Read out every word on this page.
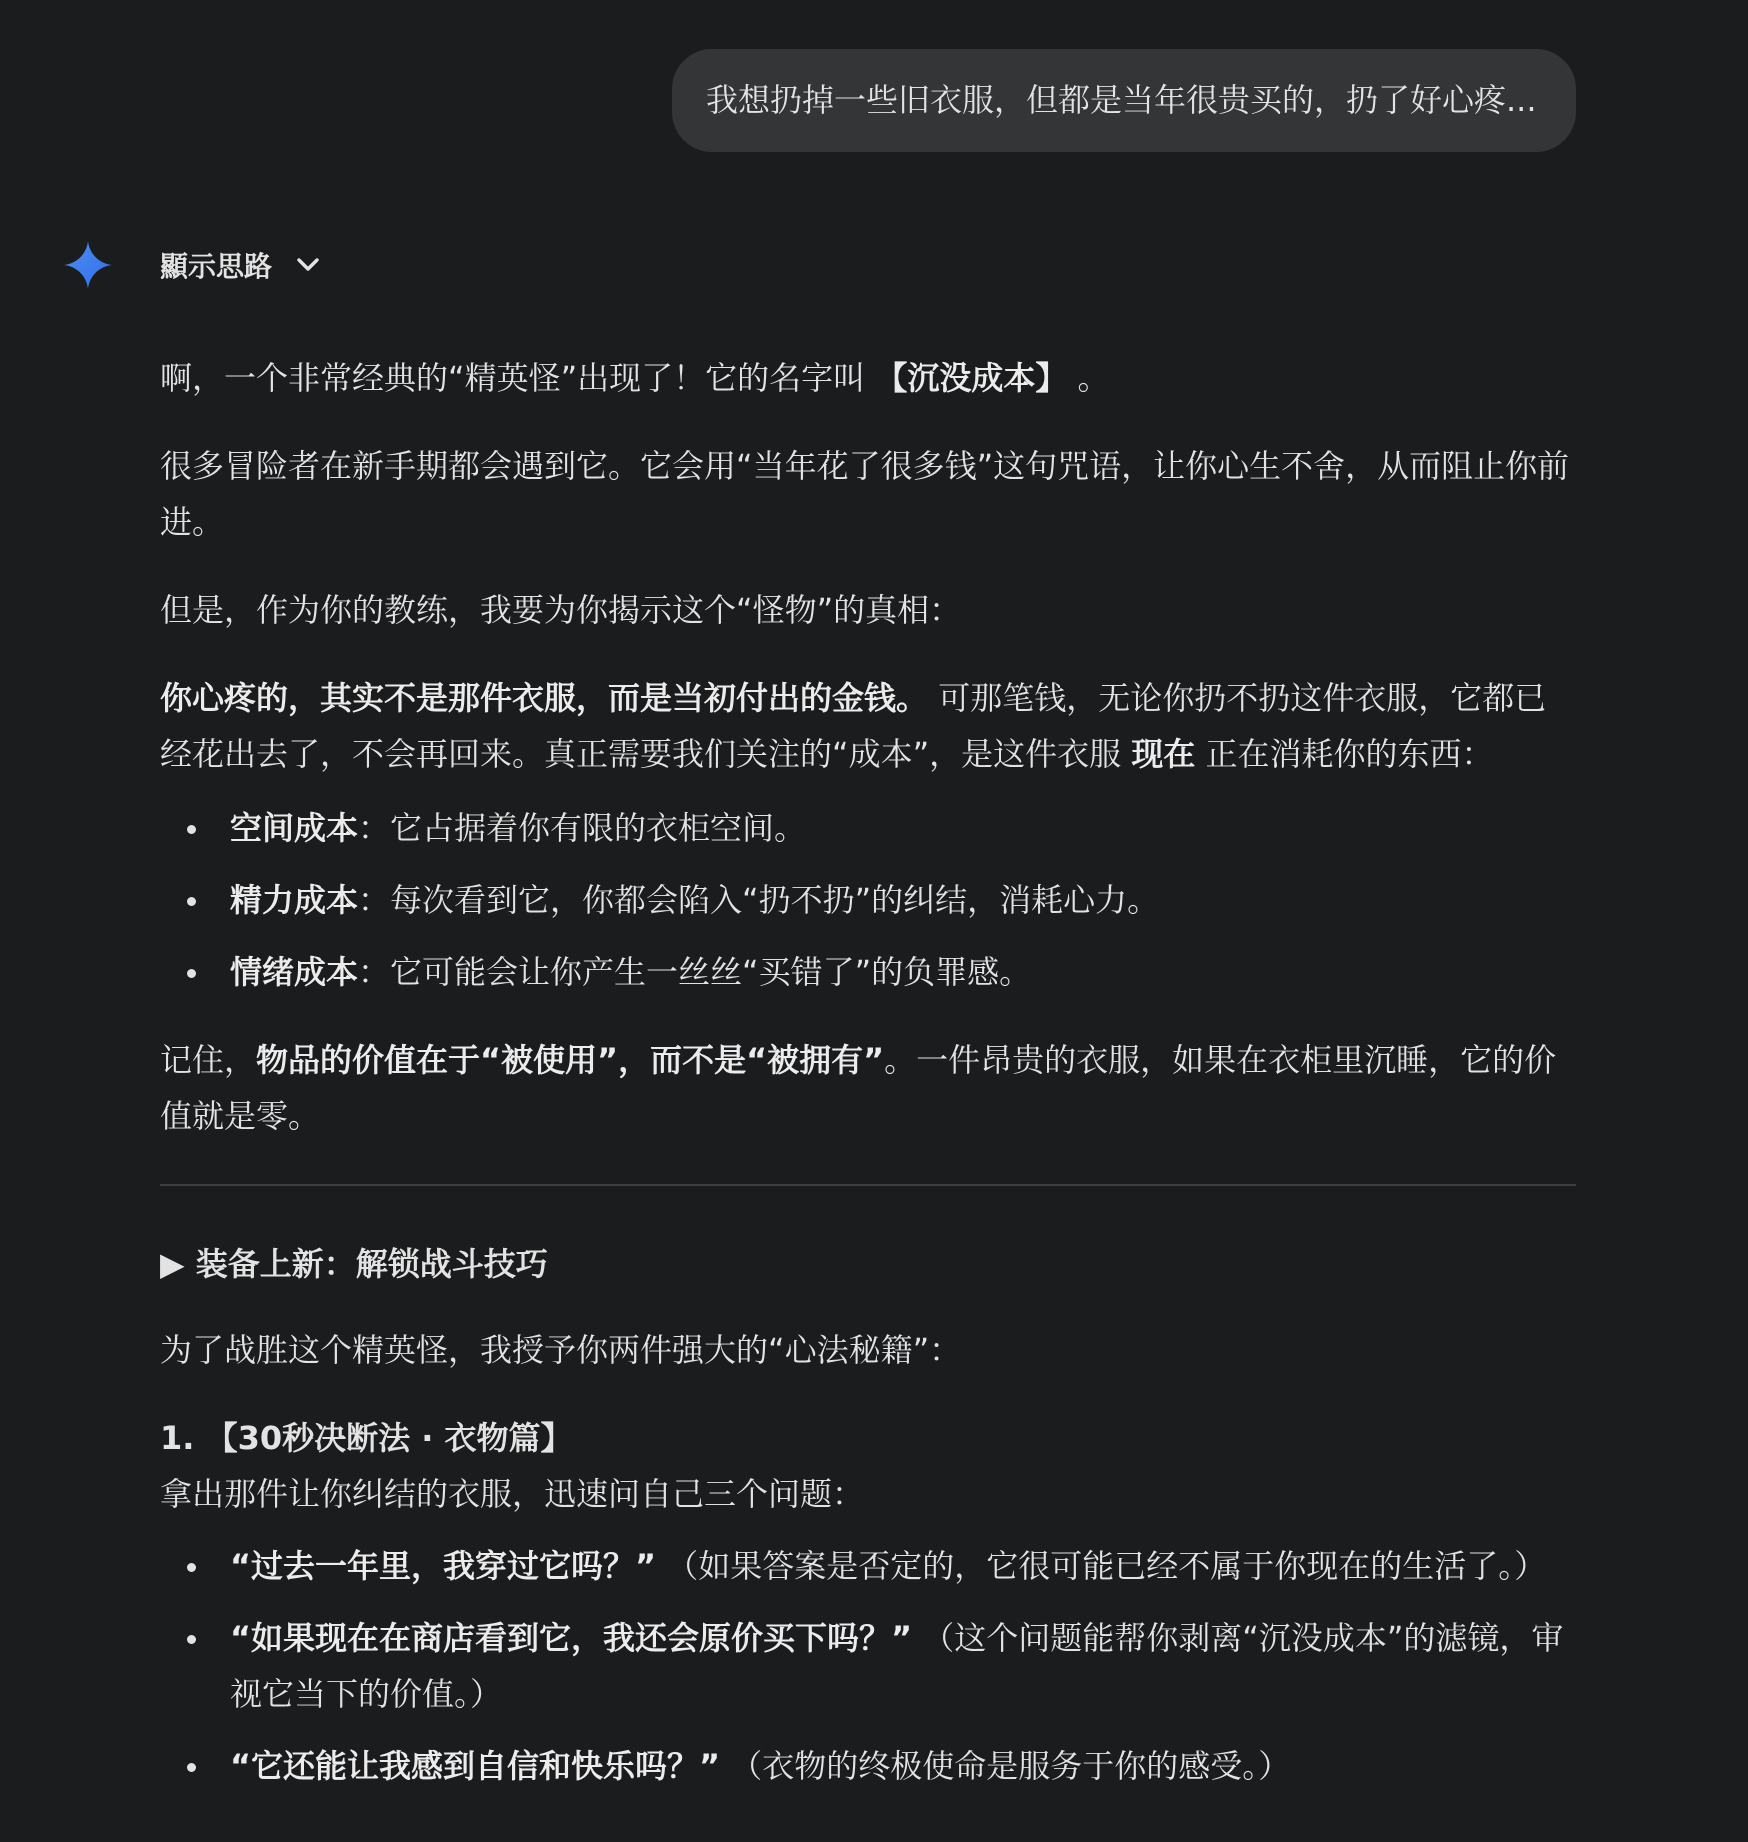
我想扔掉一些旧衣服，但都是当年很贵买的，扔了好心疼...
顯示思路

啊，一个非常经典的“精英怪”出现了！它的名字叫 【沉没成本】 。

很多冒险者在新手期都会遇到它。它会用“当年花了很多钱”这句咒语，让你心生不舍，从而阻止你前进。

但是，作为你的教练，我要为你揭示这个“怪物”的真相：

你心疼的，其实不是那件衣服，而是当初付出的金钱。 可那笔钱，无论你扔不扔这件衣服，它都已经花出去了，不会再回来。真正需要我们关注的“成本”，是这件衣服 现在 正在消耗你的东西：

空间成本：它占据着你有限的衣柜空间。
精力成本：每次看到它，你都会陷入“扔不扔”的纠结，消耗心力。
情绪成本：它可能会让你产生一丝丝“买错了”的负罪感。

记住，物品的价值在于“被使用”，而不是“被拥有”。一件昂贵的衣服，如果在衣柜里沉睡，它的价值就是零。

▶ 装备上新：解锁战斗技巧

为了战胜这个精英怪，我授予你两件强大的“心法秘籍”：

1. 【30秒决断法 · 衣物篇】

拿出那件让你纠结的衣服，迅速问自己三个问题：

“过去一年里，我穿过它吗？” （如果答案是否定的，它很可能已经不属于你现在的生活了。）
“如果现在在商店看到它，我还会原价买下吗？” （这个问题能帮你剥离“沉没成本”的滤镜，审视它当下的价值。）
“它还能让我感到自信和快乐吗？” （衣物的终极使命是服务于你的感受。）
